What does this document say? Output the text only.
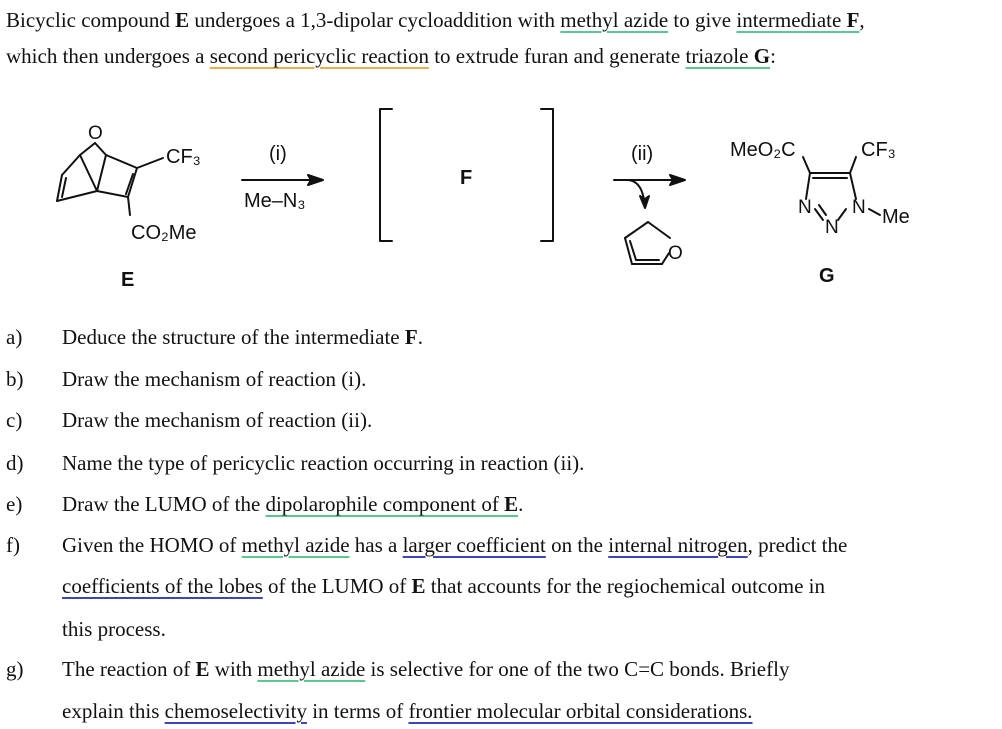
Bicyclic compound E undergoes a 1,3-dipolar cycloaddition with methyl azide to give intermediate F,
which then undergoes a second pericyclic reaction to extrude furan and generate triazole G:
O
CF₃
CO₂Me
E
(i)
Me–N₃
F
(ii)
O
MeO₂C	CF₃
N
N
N Me
G
a)	Deduce the structure of the intermediate F.
b)	Draw the mechanism of reaction (i).
c)	Draw the mechanism of reaction (ii).
d)	Name the type of pericyclic reaction occurring in reaction (ii).
e)	Draw the LUMO of the dipolarophile component of E.
f)	Given the HOMO of methyl azide has a larger coefficient on the internal nitrogen, predict the
coefficients of the lobes of the LUMO of E that accounts for the regiochemical outcome in
this process.
g)	The reaction of E with methyl azide is selective for one of the two C=C bonds. Briefly
explain this chemoselectivity in terms of frontier molecular orbital considerations.
